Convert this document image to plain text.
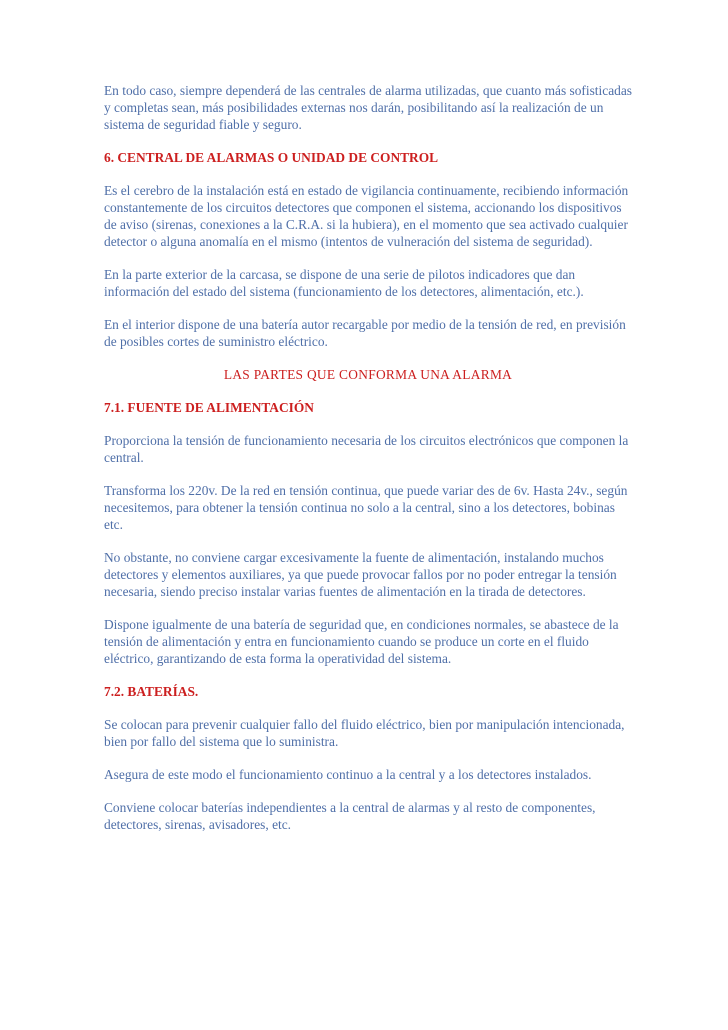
En todo caso, siempre dependerá de las centrales de alarma utilizadas, que cuanto más sofisticadas y completas sean, más posibilidades externas nos darán, posibilitando así la realización de un sistema de seguridad fiable y seguro.

6. CENTRAL DE ALARMAS O UNIDAD DE CONTROL

Es el cerebro de la instalación está en estado de vigilancia continuamente, recibiendo información constantemente de los circuitos detectores que componen el sistema, accionando los dispositivos de aviso (sirenas, conexiones a la C.R.A. si la hubiera), en el momento que sea activado cualquier detector o alguna anomalía en el mismo (intentos de vulneración del sistema de seguridad).

En la parte exterior de la carcasa, se dispone de una serie de pilotos indicadores que dan información del estado del sistema (funcionamiento de los detectores, alimentación, etc.).

En el interior dispone de una batería autor recargable por medio de la tensión de red, en previsión de posibles cortes de suministro eléctrico.

LAS PARTES QUE CONFORMA UNA ALARMA

7.1. FUENTE DE ALIMENTACIÓN

Proporciona la tensión de funcionamiento necesaria de los circuitos electrónicos que componen la central.

Transforma los 220v. De la red en tensión continua, que puede variar des de 6v. Hasta 24v., según necesitemos, para obtener la tensión continua no solo a la central, sino a los detectores, bobinas etc.

No obstante, no conviene cargar excesivamente la fuente de alimentación, instalando muchos detectores y elementos auxiliares, ya que puede provocar fallos por no poder entregar la tensión necesaria, siendo preciso instalar varias fuentes de alimentación en la tirada de detectores.

Dispone igualmente de una batería de seguridad que, en condiciones normales, se abastece de la tensión de alimentación y entra en funcionamiento cuando se produce un corte en el fluido eléctrico, garantizando de esta forma la operatividad del sistema.

7.2. BATERÍAS.

Se colocan para prevenir cualquier fallo del fluido eléctrico, bien por manipulación intencionada, bien por fallo del sistema que lo suministra.

Asegura de este modo el funcionamiento continuo a la central y a los detectores instalados.

Conviene colocar baterías independientes a la central de alarmas y al resto de componentes, detectores, sirenas, avisadores, etc.
